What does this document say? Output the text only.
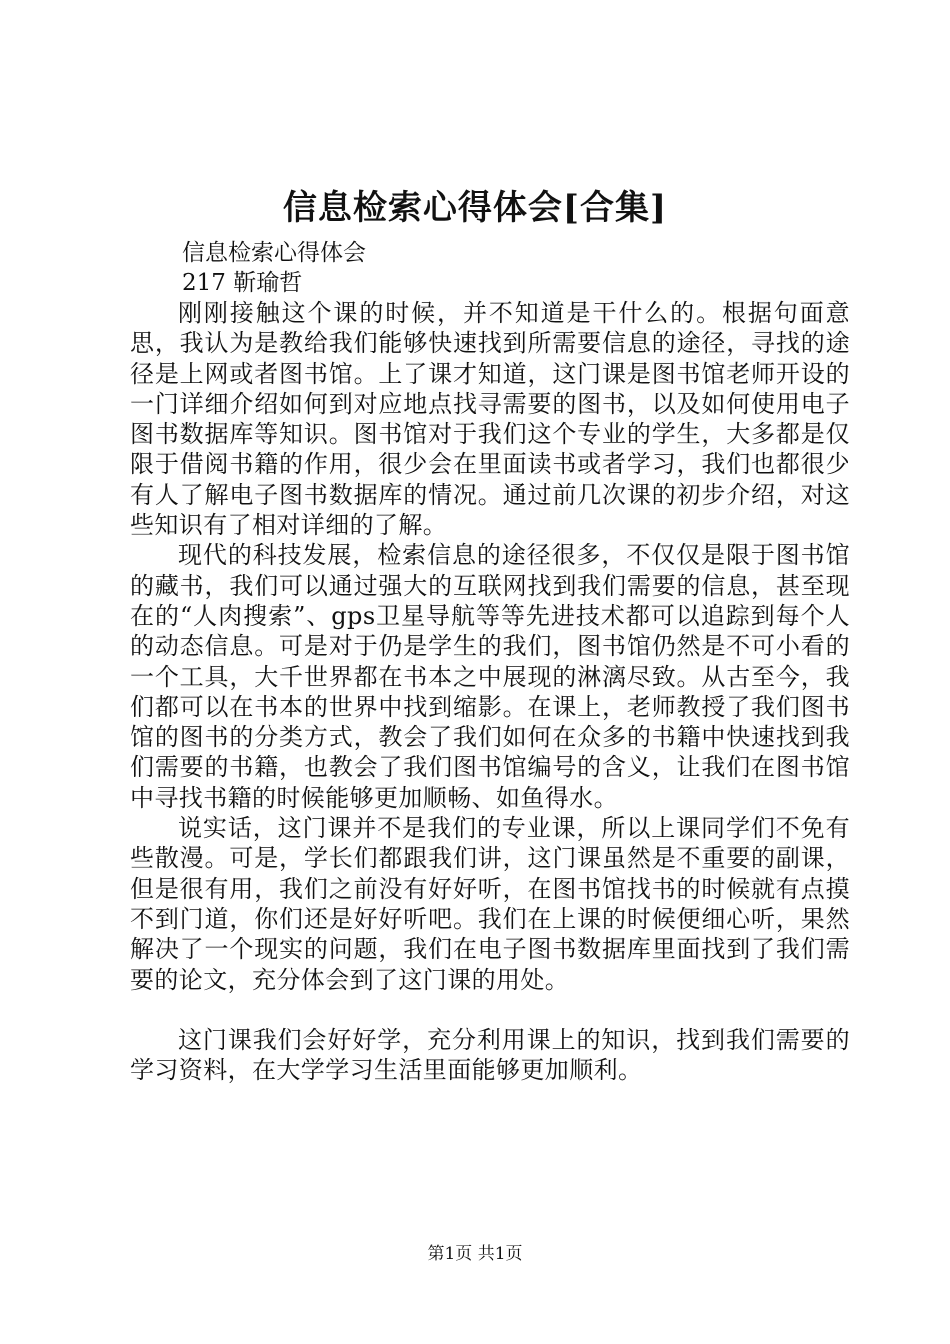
信息检索心得体会[合集]
信息检索心得体会
217 靳瑜哲

刚刚接触这个课的时候，并不知道是干什么的。根据句面意思，我认为是教给我们能够快速找到所需要信息的途径，寻找的途径是上网或者图书馆。上了课才知道，这门课是图书馆老师开设的一门详细介绍如何到对应地点找寻需要的图书，以及如何使用电子图书数据库等知识。图书馆对于我们这个专业的学生，大多都是仅限于借阅书籍的作用，很少会在里面读书或者学习，我们也都很少有人了解电子图书数据库的情况。通过前几次课的初步介绍，对这些知识有了相对详细的了解。

现代的科技发展，检索信息的途径很多，不仅仅是限于图书馆的藏书，我们可以通过强大的互联网找到我们需要的信息，甚至现在的“人肉搜索”、gps卫星导航等等先进技术都可以追踪到每个人的动态信息。可是对于仍是学生的我们，图书馆仍然是不可小看的一个工具，大千世界都在书本之中展现的淋漓尽致。从古至今，我们都可以在书本的世界中找到缩影。在课上，老师教授了我们图书馆的图书的分类方式，教会了我们如何在众多的书籍中快速找到我们需要的书籍，也教会了我们图书馆编号的含义，让我们在图书馆中寻找书籍的时候能够更加顺畅、如鱼得水。

说实话，这门课并不是我们的专业课，所以上课同学们不免有些散漫。可是，学长们都跟我们讲，这门课虽然是不重要的副课，但是很有用，我们之前没有好好听，在图书馆找书的时候就有点摸不到门道，你们还是好好听吧。我们在上课的时候便细心听，果然解决了一个现实的问题，我们在电子图书数据库里面找到了我们需要的论文，充分体会到了这门课的用处。

这门课我们会好好学，充分利用课上的知识，找到我们需要的学习资料，在大学学习生活里面能够更加顺利。

第1页 共1页
